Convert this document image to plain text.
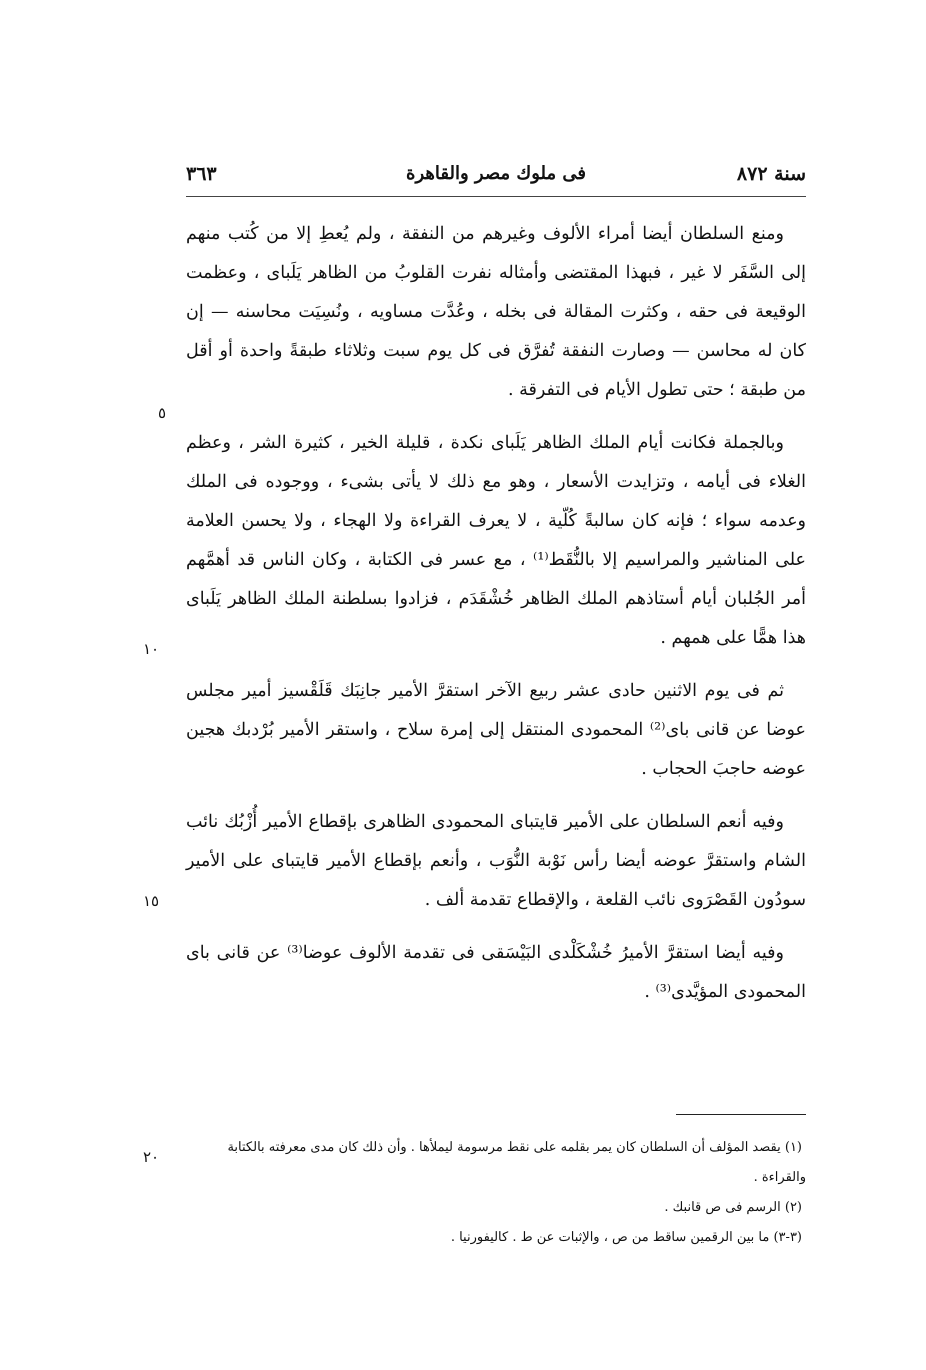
سنة ٨٧٢
فى ملوك مصر والقاهرة
٣٦٣

ومنع السلطان أيضا أمراء الألوف وغيرهم من النفقة ، ولم يُعطِ إلا من كُتب منهم إلى السَّفَر لا غير ، فبهذا المقتضى وأمثاله نفرت القلوبُ من الظاهر يَلَباى ، وعظمت الوقيعة فى حقه ، وكثرت المقالة فى بخله ، وعُدَّت مساويه ، ونُسِيَت محاسنه — إن كان له محاسن — وصارت النفقة تُفرَّق فى كل يوم سبت وثلاثاء طبقةً واحدة أو أقل من طبقة ؛ حتى تطول الأيام فى التفرقة .

وبالجملة فكانت أيام الملك الظاهر يَلَباى نكدة ، قليلة الخير ، كثيرة الشر ، وعظم الغلاء فى أيامه ، وتزايدت الأسعار ، وهو مع ذلك لا يأتى بشىء ، ووجوده فى الملك وعدمه سواء ؛ فإنه كان سالبةً كُلّية ، لا يعرف القراءة ولا الهجاء ، ولا يحسن العلامة على المناشير والمراسيم إلا بالنُّقَط⁽¹⁾ ، مع عسر فى الكتابة ، وكان الناس قد أهمَّهم أمر الجُلبان أيام أستاذهم الملك الظاهر خُشْقَدَم ، فزادوا بسلطنة الملك الظاهر يَلَباى هذا همًّا على همهم .

ثم فى يوم الاثنين حادى عشر ربيع الآخر استقرَّ الأمير جانِبَك قَلَقْسيز أمير مجلس عوضا عن قانى باى⁽²⁾ المحمودى المنتقل إلى إمرة سلاح ، واستقر الأمير بُرْدبك هجين عوضه حاجبَ الحجاب .

وفيه أنعم السلطان على الأمير قايتباى المحمودى الظاهرى بإقطاع الأمير أُزْبُك نائب الشام واستقرَّ عوضه أيضا رأس نَوْبة النُّوَب ، وأنعم بإقطاع الأمير قايتباى على الأمير سودُون القَصْرَوى نائب القلعة ، والإقطاع تقدمة ألف .

وفيه أيضا استقرَّ الأميرُ خُشْكَلْدى البَيْسَقى فى تقدمة الألوف عوضا⁽³⁾ عن قانى باى المحمودى المؤيَّدى⁽³⁾ .

٥
١٠
١٥
٢٠

(١) يقصد المؤلف أن السلطان كان يمر بقلمه على نقط مرسومة ليملأها . وأن ذلك كان مدى معرفته بالكتابة والقراءة .

(٢) الرسم فى ص قانبك .

(٣-٣) ما بين الرقمين ساقط من ص ، والإثبات عن ط . كاليفورنيا .
